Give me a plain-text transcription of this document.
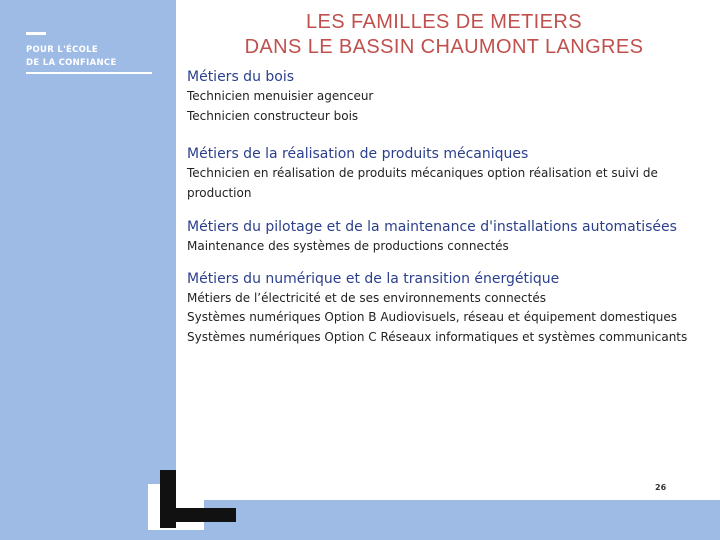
POUR L'ÉCOLE
DE LA CONFIANCE
LES FAMILLES DE METIERS
DANS LE BASSIN CHAUMONT LANGRES

Métiers du bois

Technicien menuisier agenceur

Technicien constructeur bois

Métiers de la réalisation de produits mécaniques

Technicien en réalisation de produits mécaniques option réalisation et suivi de production

Métiers du pilotage et de la maintenance d'installations automatisées

Maintenance des systèmes de productions connectés

Métiers du numérique et de la transition énergétique

Métiers de l’électricité et de ses environnements connectés

Systèmes numériques Option B Audiovisuels, réseau et équipement domestiques

Systèmes numériques Option C Réseaux informatiques et systèmes communicants

26
